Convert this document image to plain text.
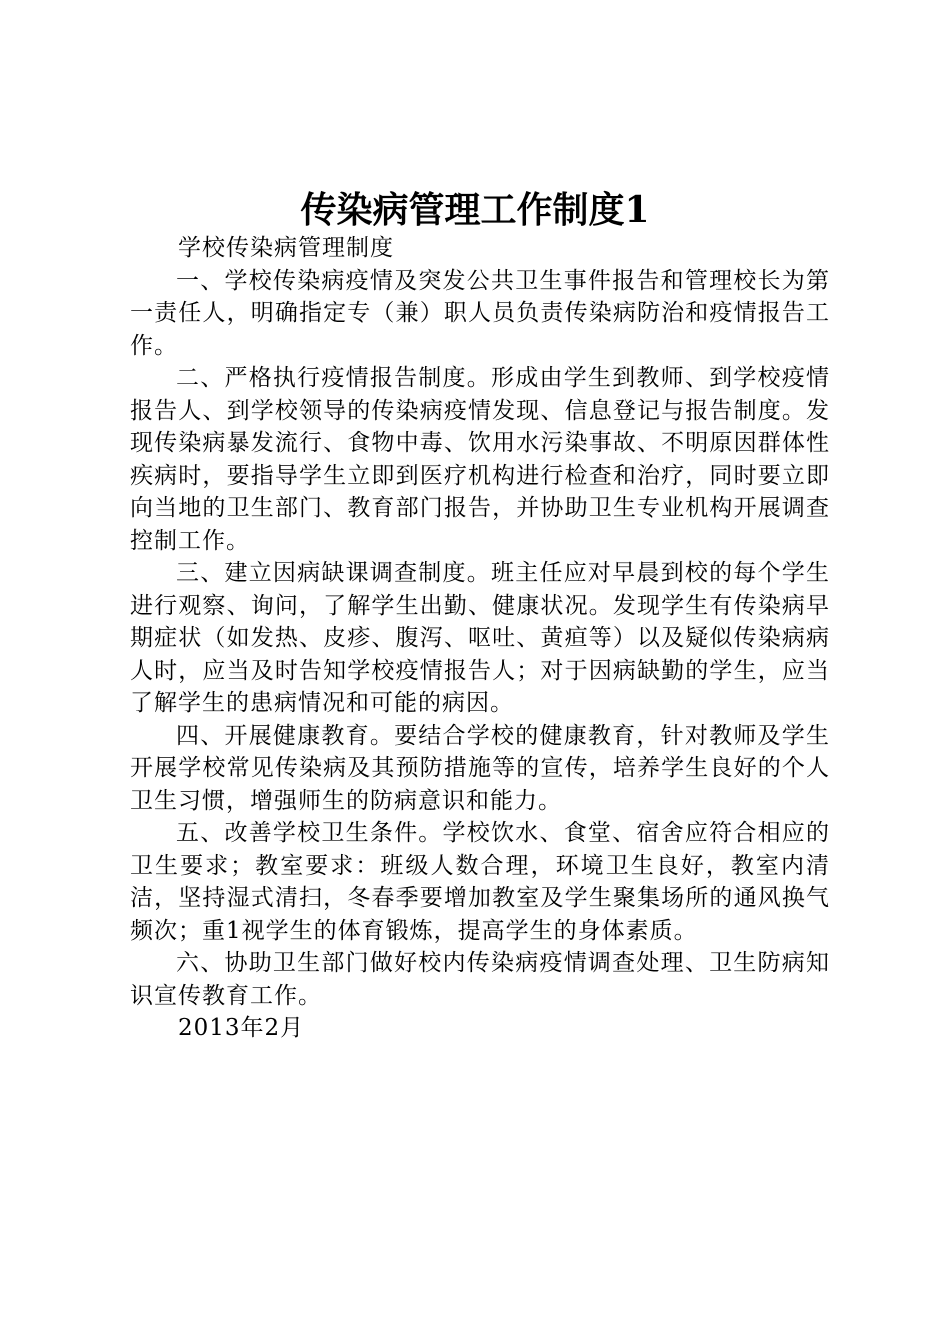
传染病管理工作制度1

学校传染病管理制度

一、学校传染病疫情及突发公共卫生事件报告和管理校长为第一责任人，明确指定专（兼）职人员负责传染病防治和疫情报告工作。

二、严格执行疫情报告制度。形成由学生到教师、到学校疫情报告人、到学校领导的传染病疫情发现、信息登记与报告制度。发现传染病暴发流行、食物中毒、饮用水污染事故、不明原因群体性疾病时，要指导学生立即到医疗机构进行检查和治疗，同时要立即向当地的卫生部门、教育部门报告，并协助卫生专业机构开展调查控制工作。

三、建立因病缺课调查制度。班主任应对早晨到校的每个学生进行观察、询问，了解学生出勤、健康状况。发现学生有传染病早期症状（如发热、皮疹、腹泻、呕吐、黄疸等）以及疑似传染病病人时，应当及时告知学校疫情报告人；对于因病缺勤的学生，应当了解学生的患病情况和可能的病因。

四、开展健康教育。要结合学校的健康教育，针对教师及学生开展学校常见传染病及其预防措施等的宣传，培养学生良好的个人卫生习惯，增强师生的防病意识和能力。

五、改善学校卫生条件。学校饮水、食堂、宿舍应符合相应的卫生要求；教室要求：班级人数合理，环境卫生良好，教室内清洁，坚持湿式清扫，冬春季要增加教室及学生聚集场所的通风换气频次；重1视学生的体育锻炼，提高学生的身体素质。

六、协助卫生部门做好校内传染病疫情调查处理、卫生防病知识宣传教育工作。

2013年2月
